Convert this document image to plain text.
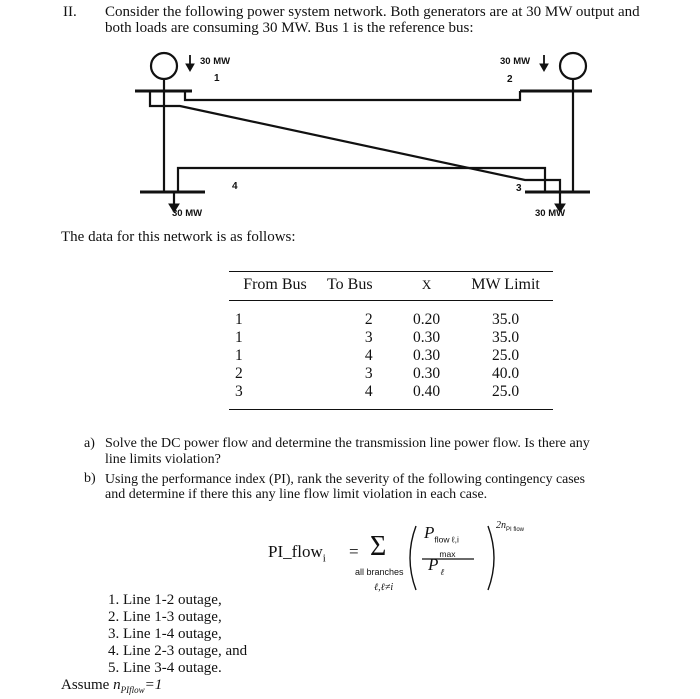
II. Consider the following power system network. Both generators are at 30 MW output and
both loads are consuming 30 MW. Bus 1 is the reference bus:
30 MW	30 MW
1	2
4	3
30 MW	30 MW
The data for this network is as follows:
From Bus	To Bus	X	MW Limit
1	2	0.20	35.0
1	3	0.30	35.0
1	4	0.30	25.0
2	3	0.30	40.0
3	4	0.40	25.0
a) Solve the DC power flow and determine the transmission line power flow. Is there any
line limits violation?
b) Using the performance index (PI), rank the severity of the following contingency cases
and determine if there this any line flow limit violation in each case.
PI_flow$_i$ = Σ
all branches
ℓ,ℓ≠i
$P_{flow \ell,i}$
P
max
ℓ
$2n_{PI flow}$
1. Line 1-2 outage,
2. Line 1-3 outage,
3. Line 1-4 outage,
4. Line 2-3 outage, and
5. Line 3-4 outage.
Assume $n_{PIflow}=1$
